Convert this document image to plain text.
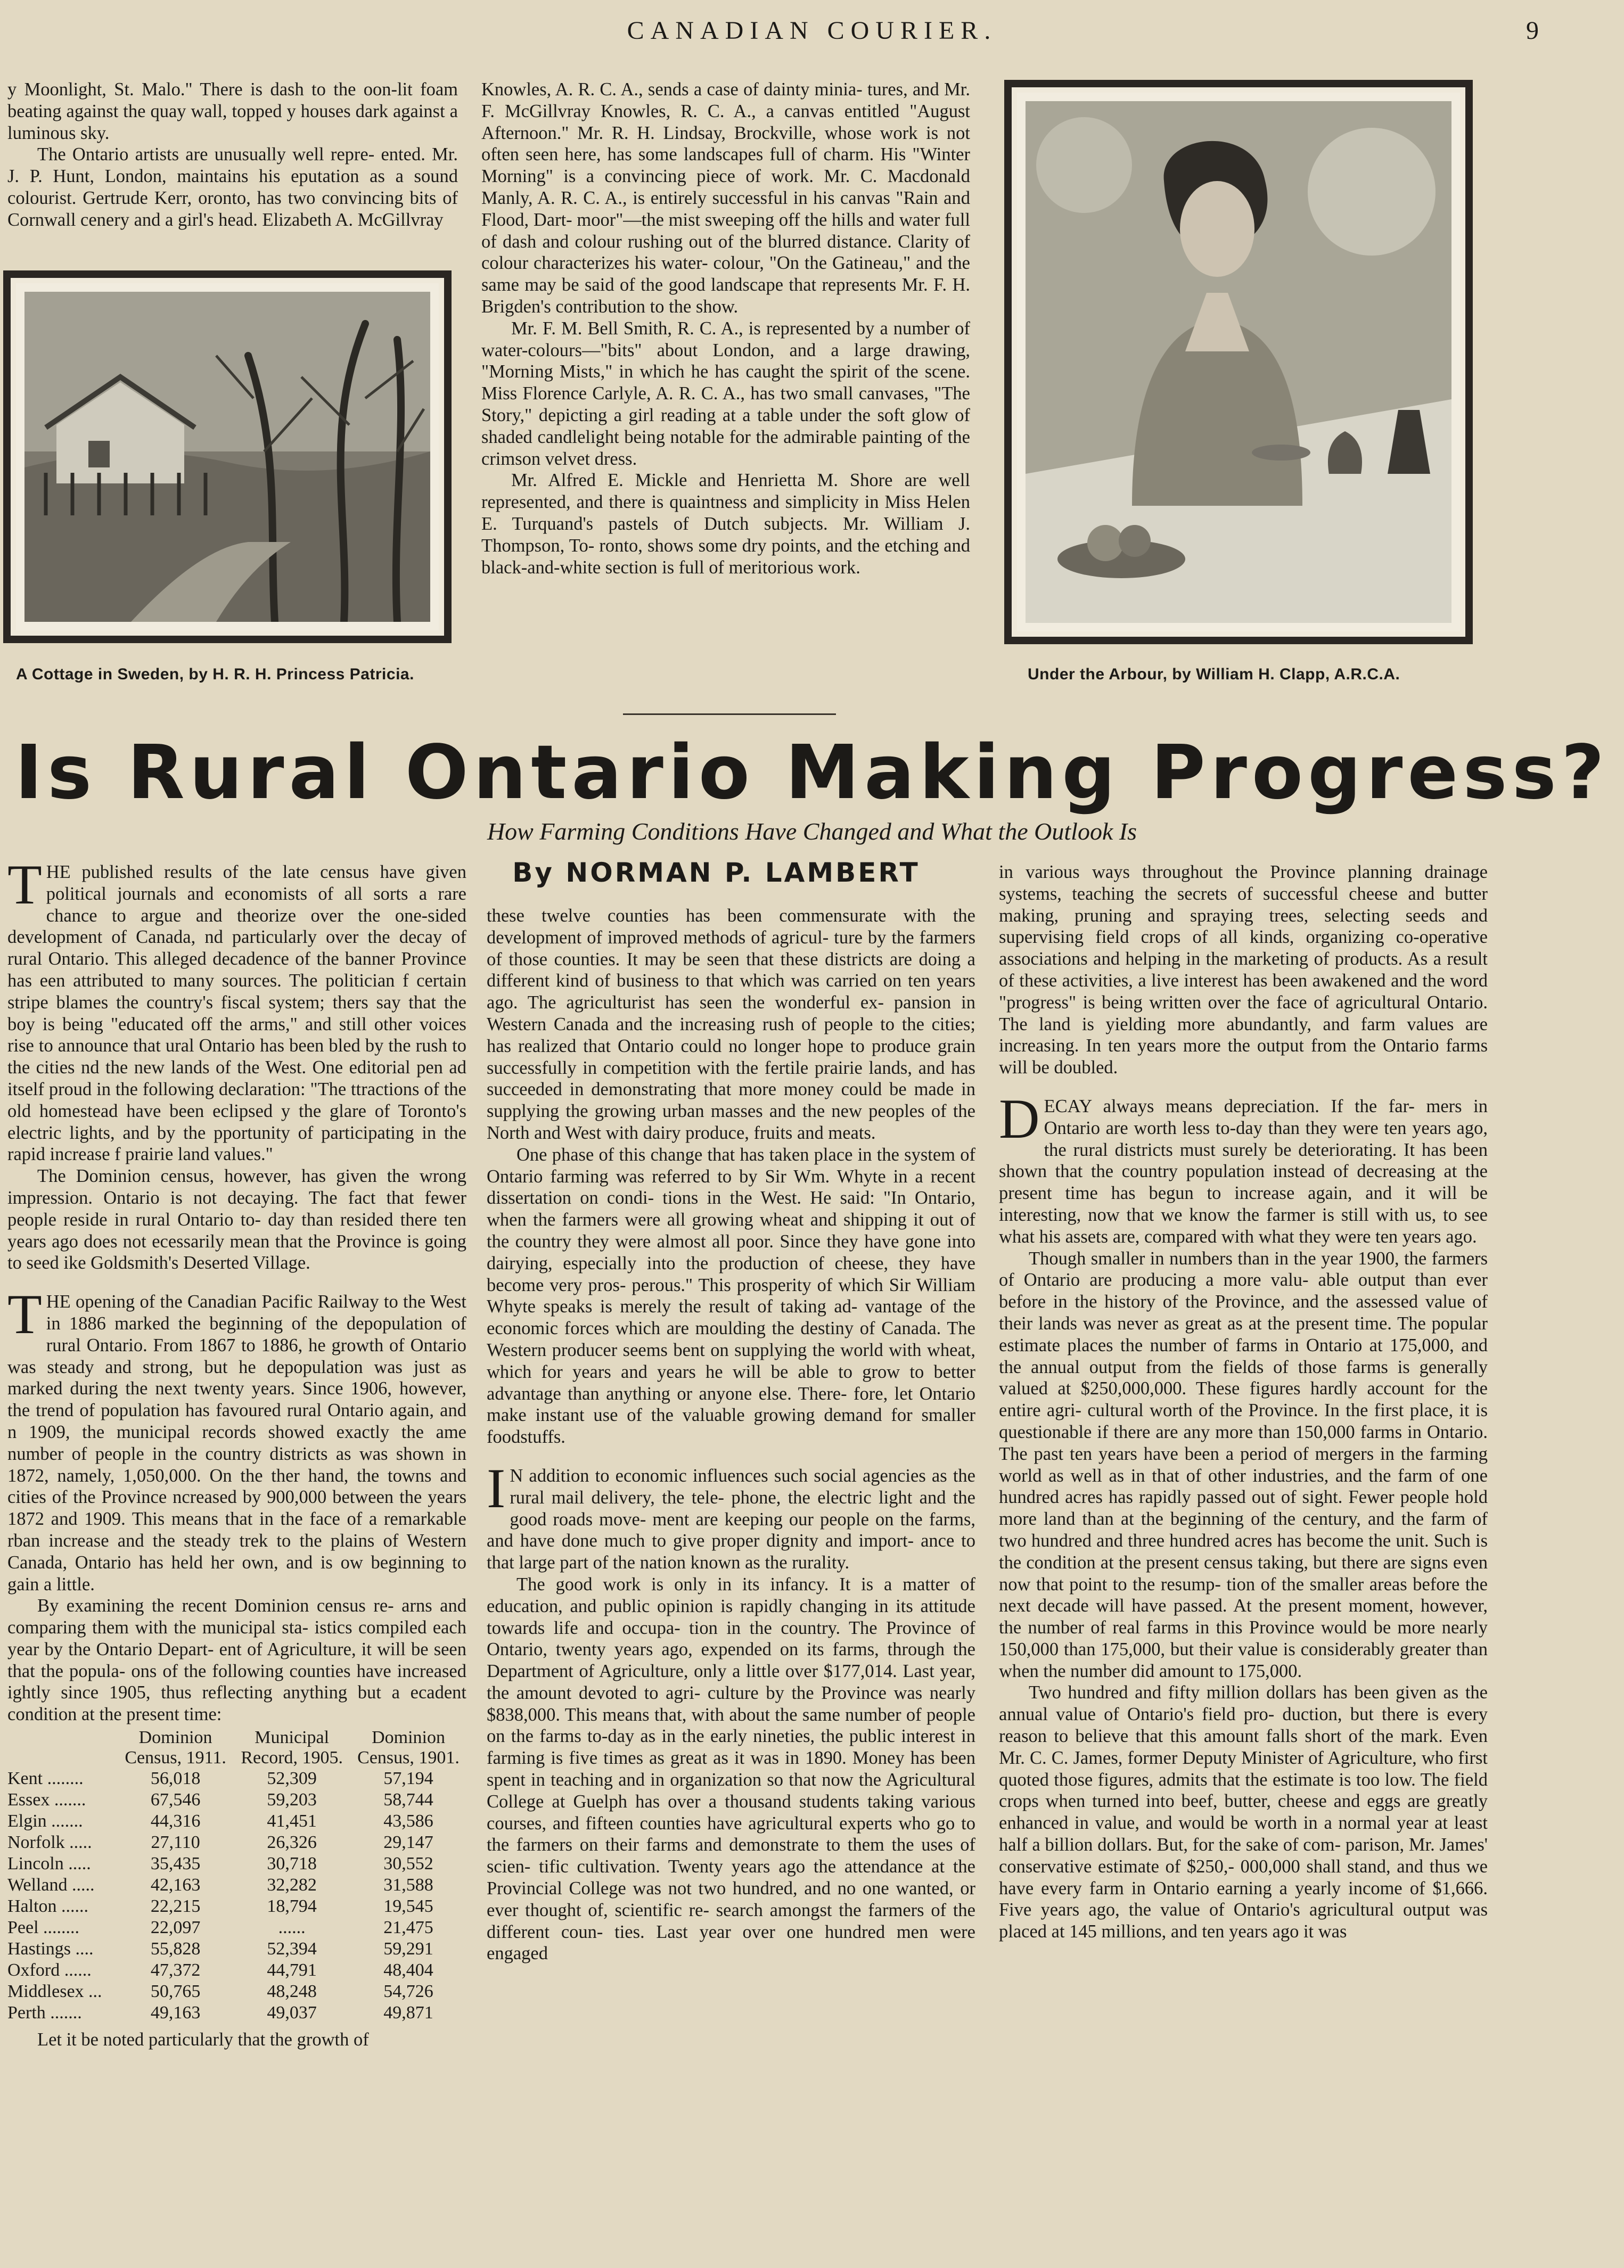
CANADIAN COURIER.	9

y Moonlight, St. Malo." There is dash to the oon-lit foam beating against the quay wall, topped y houses dark against a luminous sky.

The Ontario artists are unusually well repre- ented. Mr. J. P. Hunt, London, maintains his eputation as a sound colourist. Gertrude Kerr, oronto, has two convincing bits of Cornwall cenery and a girl's head. Elizabeth A. McGillvray

A Cottage in Sweden, by H. R. H. Princess Patricia.

Knowles, A. R. C. A., sends a case of dainty minia- tures, and Mr. F. McGillvray Knowles, R. C. A., a canvas entitled "August Afternoon." Mr. R. H. Lindsay, Brockville, whose work is not often seen here, has some landscapes full of charm. His "Winter Morning" is a convincing piece of work. Mr. C. Macdonald Manly, A. R. C. A., is entirely successful in his canvas "Rain and Flood, Dart- moor"—the mist sweeping off the hills and water full of dash and colour rushing out of the blurred distance. Clarity of colour characterizes his water- colour, "On the Gatineau," and the same may be said of the good landscape that represents Mr. F. H. Brigden's contribution to the show.

Mr. F. M. Bell Smith, R. C. A., is represented by a number of water-colours—"bits" about London, and a large drawing, "Morning Mists," in which he has caught the spirit of the scene. Miss Florence Carlyle, A. R. C. A., has two small canvases, "The Story," depicting a girl reading at a table under the soft glow of shaded candlelight being notable for the admirable painting of the crimson velvet dress.

Mr. Alfred E. Mickle and Henrietta M. Shore are well represented, and there is quaintness and simplicity in Miss Helen E. Turquand's pastels of Dutch subjects. Mr. William J. Thompson, To- ronto, shows some dry points, and the etching and black-and-white section is full of meritorious work.

Under the Arbour, by William H. Clapp, A.R.C.A.
Is Rural Ontario Making Progress?
How Farming Conditions Have Changed and What the Outlook Is
By NORMAN P. LAMBERT

THE published results of the late census have given political journals and economists of all sorts a rare chance to argue and theorize over the one-sided development of Canada, nd particularly over the decay of rural Ontario. This alleged decadence of the banner Province has een attributed to many sources. The politician f certain stripe blames the country's fiscal system; thers say that the boy is being "educated off the arms," and still other voices rise to announce that ural Ontario has been bled by the rush to the cities nd the new lands of the West. One editorial pen ad itself proud in the following declaration: "The ttractions of the old homestead have been eclipsed y the glare of Toronto's electric lights, and by the pportunity of participating in the rapid increase f prairie land values."

The Dominion census, however, has given the wrong impression. Ontario is not decaying. The fact that fewer people reside in rural Ontario to- day than resided there ten years ago does not ecessarily mean that the Province is going to seed ike Goldsmith's Deserted Village.

THE opening of the Canadian Pacific Railway to the West in 1886 marked the beginning of the depopulation of rural Ontario. From 1867 to 1886, he growth of Ontario was steady and strong, but he depopulation was just as marked during the next twenty years. Since 1906, however, the trend of population has favoured rural Ontario again, and n 1909, the municipal records showed exactly the ame number of people in the country districts as was shown in 1872, namely, 1,050,000. On the ther hand, the towns and cities of the Province ncreased by 900,000 between the years 1872 and 1909. This means that in the face of a remarkable rban increase and the steady trek to the plains of Western Canada, Ontario has held her own, and is ow beginning to gain a little.

By examining the recent Dominion census re- arns and comparing them with the municipal sta- istics compiled each year by the Ontario Depart- ent of Agriculture, it will be seen that the popula- ons of the following counties have increased ightly since 1905, thus reflecting anything but a ecadent condition at the present time:

	Dominion Census, 1911.	Municipal Record, 1905.	Dominion Census, 1901.
Kent ........	56,018	52,309	57,194
Essex .......	67,546	59,203	58,744
Elgin .......	44,316	41,451	43,586
Norfolk .....	27,110	26,326	29,147
Lincoln .....	35,435	30,718	30,552
Welland .....	42,163	32,282	31,588
Halton ......	22,215	18,794	19,545
Peel ........	22,097	......	21,475
Hastings ....	55,828	52,394	59,291
Oxford ......	47,372	44,791	48,404
Middlesex ...	50,765	48,248	54,726
Perth .......	49,163	49,037	49,871

Let it be noted particularly that the growth of

these twelve counties has been commensurate with the development of improved methods of agricul- ture by the farmers of those counties. It may be seen that these districts are doing a different kind of business to that which was carried on ten years ago. The agriculturist has seen the wonderful ex- pansion in Western Canada and the increasing rush of people to the cities; has realized that Ontario could no longer hope to produce grain successfully in competition with the fertile prairie lands, and has succeeded in demonstrating that more money could be made in supplying the growing urban masses and the new peoples of the North and West with dairy produce, fruits and meats.

One phase of this change that has taken place in the system of Ontario farming was referred to by Sir Wm. Whyte in a recent dissertation on condi- tions in the West. He said: "In Ontario, when the farmers were all growing wheat and shipping it out of the country they were almost all poor. Since they have gone into dairying, especially into the production of cheese, they have become very pros- perous." This prosperity of which Sir William Whyte speaks is merely the result of taking ad- vantage of the economic forces which are moulding the destiny of Canada. The Western producer seems bent on supplying the world with wheat, which for years and years he will be able to grow to better advantage than anything or anyone else. There- fore, let Ontario make instant use of the valuable growing demand for smaller foodstuffs.

I N addition to economic influences such social agencies as the rural mail delivery, the tele- phone, the electric light and the good roads move- ment are keeping our people on the farms, and have done much to give proper dignity and import- ance to that large part of the nation known as the rurality.

The good work is only in its infancy. It is a matter of education, and public opinion is rapidly changing in its attitude towards life and occupa- tion in the country. The Province of Ontario, twenty years ago, expended on its farms, through the Department of Agriculture, only a little over $177,014. Last year, the amount devoted to agri- culture by the Province was nearly $838,000. This means that, with about the same number of people on the farms to-day as in the early nineties, the public interest in farming is five times as great as it was in 1890. Money has been spent in teaching and in organization so that now the Agricultural College at Guelph has over a thousand students taking various courses, and fifteen counties have agricultural experts who go to the farmers on their farms and demonstrate to them the uses of scien- tific cultivation. Twenty years ago the attendance at the Provincial College was not two hundred, and no one wanted, or ever thought of, scientific re- search amongst the farmers of the different coun- ties. Last year over one hundred men were engaged

in various ways throughout the Province planning drainage systems, teaching the secrets of successful cheese and butter making, pruning and spraying trees, selecting seeds and supervising field crops of all kinds, organizing co-operative associations and helping in the marketing of products. As a result of these activities, a live interest has been awakened and the word "progress" is being written over the face of agricultural Ontario. The land is yielding more abundantly, and farm values are increasing. In ten years more the output from the Ontario farms will be doubled.

DECAY always means depreciation. If the far- mers in Ontario are worth less to-day than they were ten years ago, the rural districts must surely be deteriorating. It has been shown that the country population instead of decreasing at the present time has begun to increase again, and it will be interesting, now that we know the farmer is still with us, to see what his assets are, compared with what they were ten years ago.

Though smaller in numbers than in the year 1900, the farmers of Ontario are producing a more valu- able output than ever before in the history of the Province, and the assessed value of their lands was never as great as at the present time. The popular estimate places the number of farms in Ontario at 175,000, and the annual output from the fields of those farms is generally valued at $250,000,000. These figures hardly account for the entire agri- cultural worth of the Province. In the first place, it is questionable if there are any more than 150,000 farms in Ontario. The past ten years have been a period of mergers in the farming world as well as in that of other industries, and the farm of one hundred acres has rapidly passed out of sight. Fewer people hold more land than at the beginning of the century, and the farm of two hundred and three hundred acres has become the unit. Such is the condition at the present census taking, but there are signs even now that point to the resump- tion of the smaller areas before the next decade will have passed. At the present moment, however, the number of real farms in this Province would be more nearly 150,000 than 175,000, but their value is considerably greater than when the number did amount to 175,000.

Two hundred and fifty million dollars has been given as the annual value of Ontario's field pro- duction, but there is every reason to believe that this amount falls short of the mark. Even Mr. C. C. James, former Deputy Minister of Agriculture, who first quoted those figures, admits that the estimate is too low. The field crops when turned into beef, butter, cheese and eggs are greatly enhanced in value, and would be worth in a normal year at least half a billion dollars. But, for the sake of com- parison, Mr. James' conservative estimate of $250,- 000,000 shall stand, and thus we have every farm in Ontario earning a yearly income of $1,666. Five years ago, the value of Ontario's agricultural output was placed at 145 millions, and ten years ago it was
